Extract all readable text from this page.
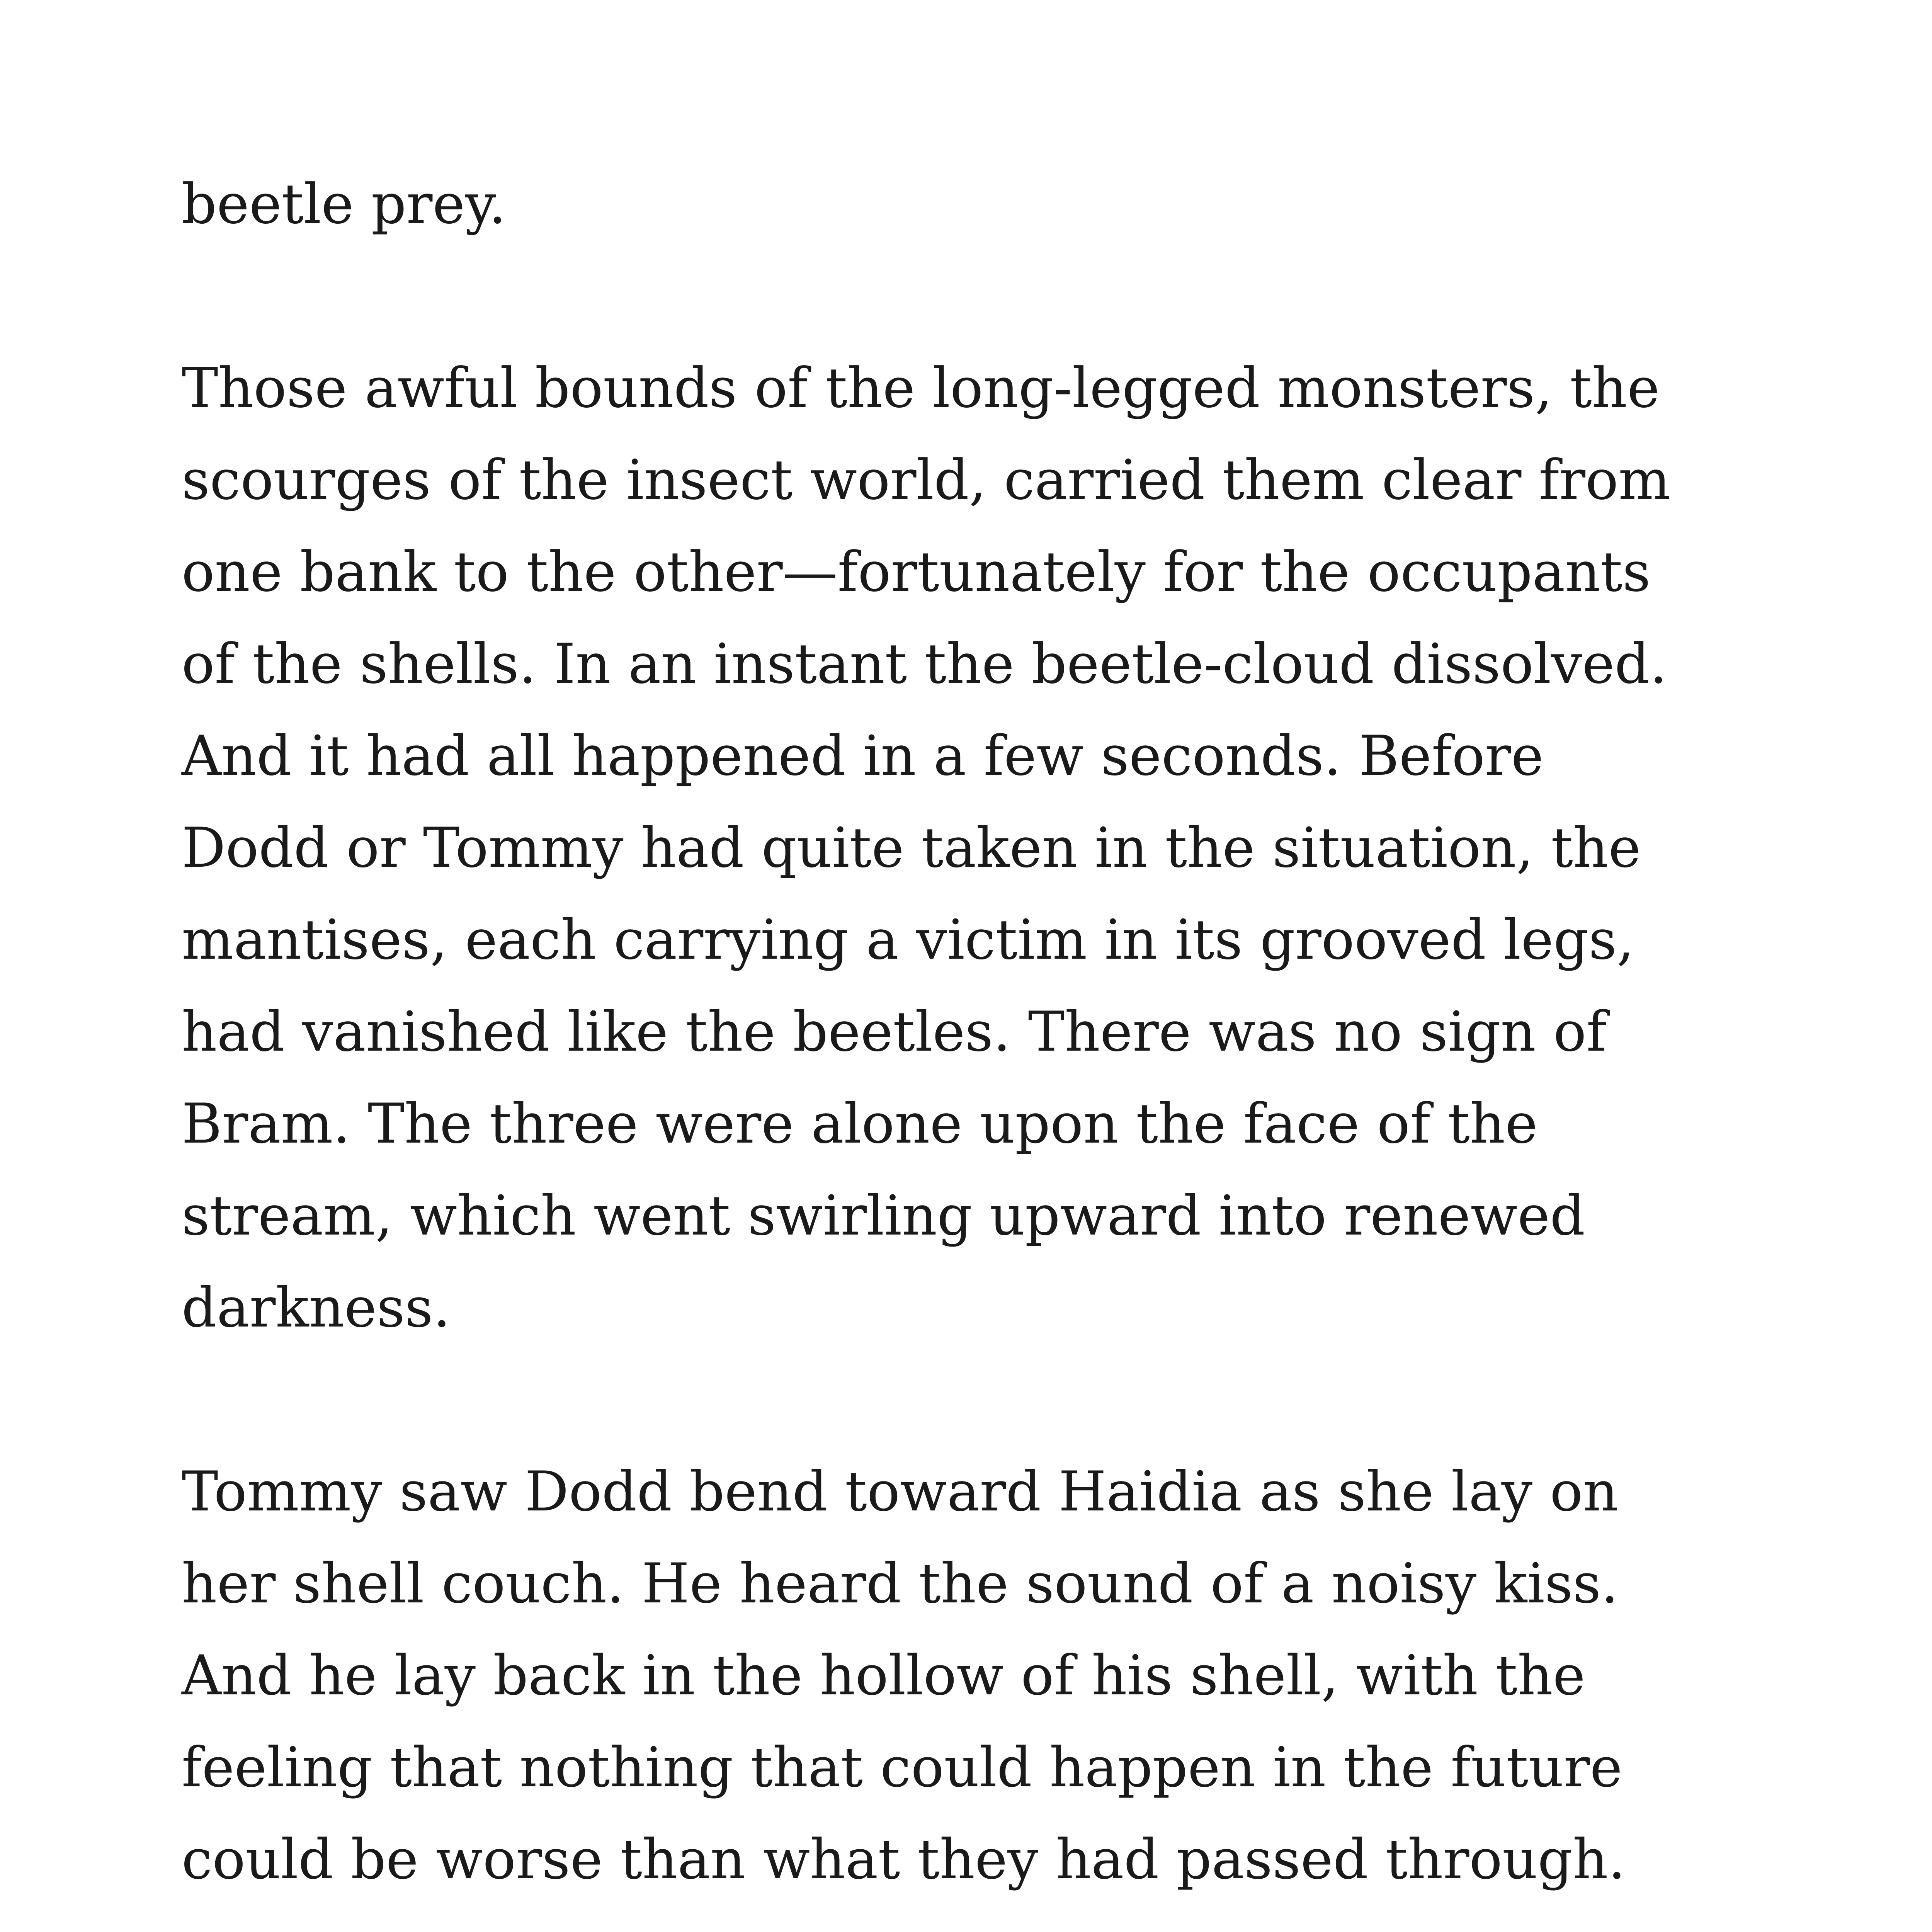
beetle prey.
Those awful bounds of the long-legged monsters, the
scourges of the insect world, carried them clear from
one bank to the other—fortunately for the occupants
of the shells. In an instant the beetle-cloud dissolved.
And it had all happened in a few seconds. Before
Dodd or Tommy had quite taken in the situation, the
mantises, each carrying a victim in its grooved legs,
had vanished like the beetles. There was no sign of
Bram. The three were alone upon the face of the
stream, which went swirling upward into renewed
darkness.
Tommy saw Dodd bend toward Haidia as she lay on
her shell couch. He heard the sound of a noisy kiss.
And he lay back in the hollow of his shell, with the
feeling that nothing that could happen in the future
could be worse than what they had passed through.
